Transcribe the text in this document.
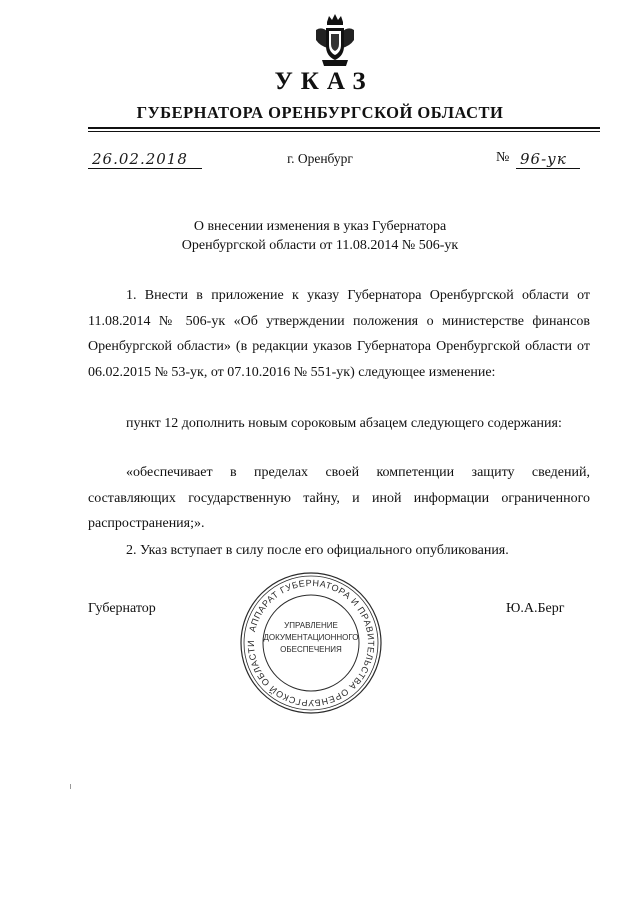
УКАЗ
ГУБЕРНАТОРА ОРЕНБУРГСКОЙ ОБЛАСТИ
26.02.2018	г. Оренбург	№ 96-ук
О внесении изменения в указ Губернатора
Оренбургской области от 11.08.2014 № 506-ук
1. Внести в приложение к указу Губернатора Оренбургской области от 11.08.2014 № 506-ук «Об утверждении положения о министерстве финансов Оренбургской области» (в редакции указов Губернатора Оренбургской области от 06.02.2015 № 53-ук, от 07.10.2016 № 551-ук) следующее изменение:
пункт 12 дополнить новым сороковым абзацем следующего содержания:
«обеспечивает в пределах своей компетенции защиту сведений, составляющих государственную тайну, и иной информации ограниченного распространения;».
2. Указ вступает в силу после его официального опубликования.
Губернатор	Ю.А.Берг
АППАРАТ ГУБЕРНАТОРА И ПРАВИТЕЛЬСТВА ОРЕНБУРГСКОЙ ОБЛАСТИ
УПРАВЛЕНИЕ
ДОКУМЕНТАЦИОННОГО
ОБЕСПЕЧЕНИЯ
